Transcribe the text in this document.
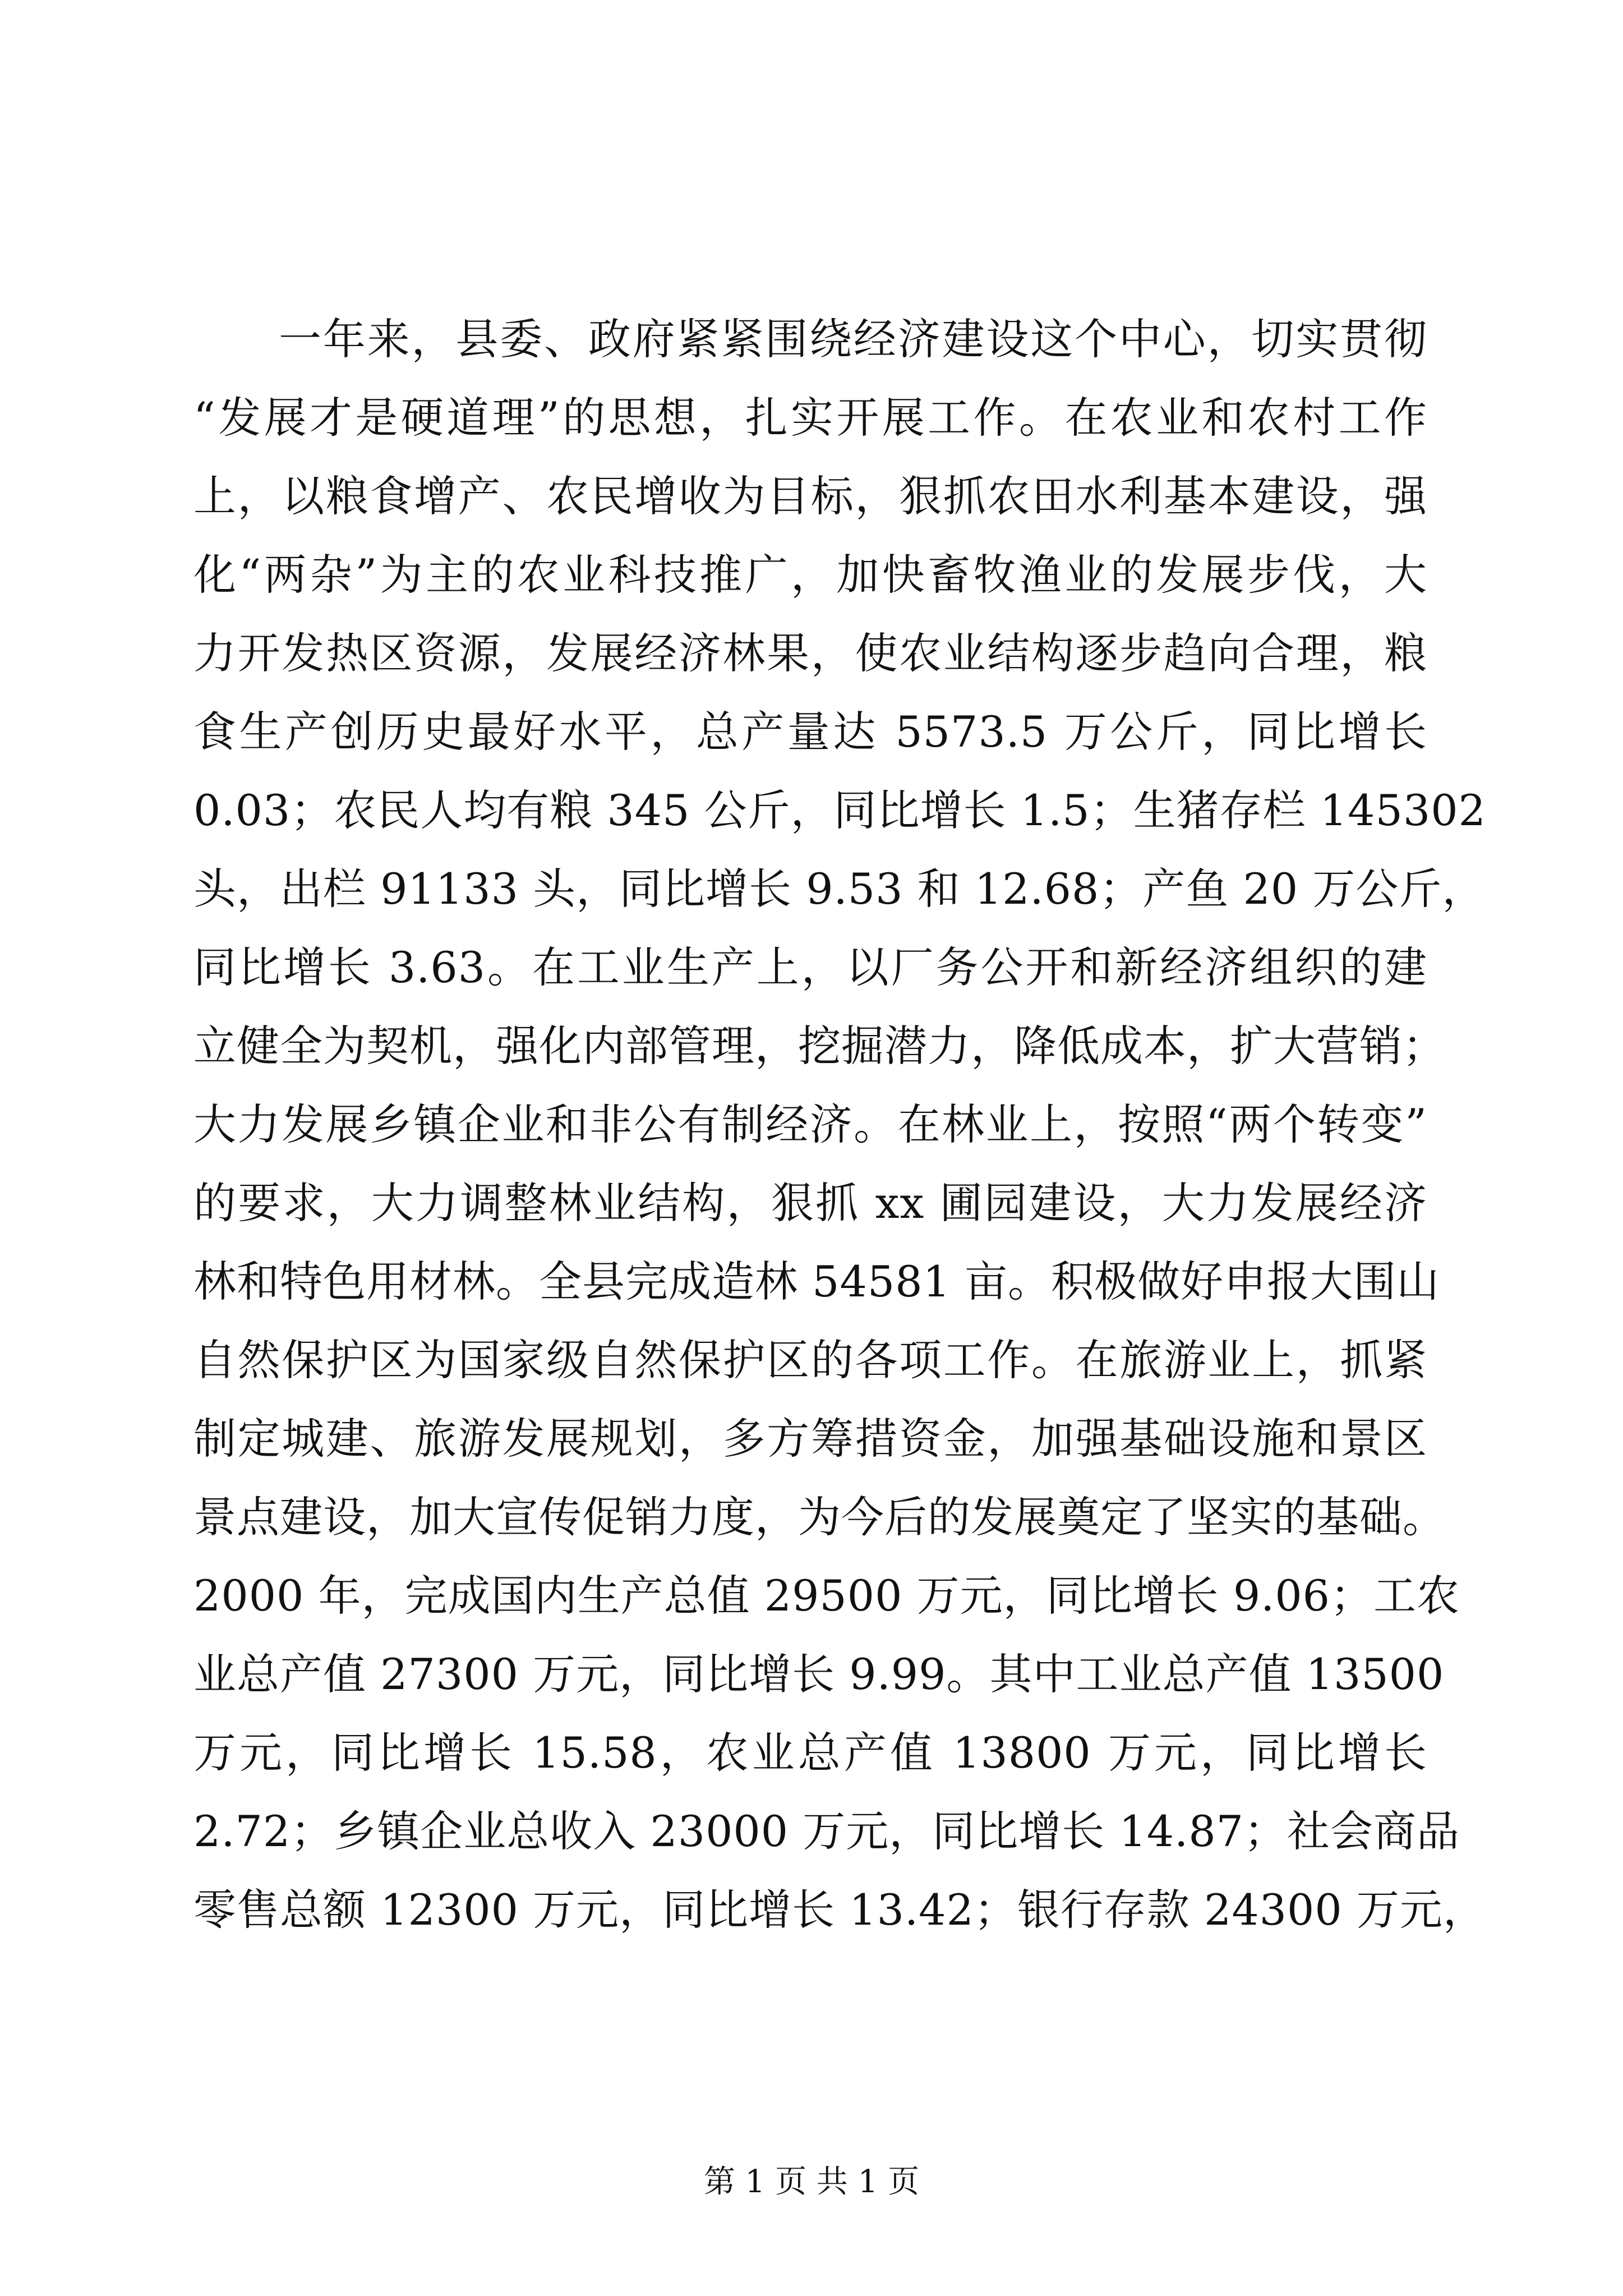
一年来，县委、政府紧紧围绕经济建设这个中心，切实贯彻
“发展才是硬道理”的思想，扎实开展工作。在农业和农村工作
上，以粮食增产、农民增收为目标，狠抓农田水利基本建设，强
化“两杂”为主的农业科技推广，加快畜牧渔业的发展步伐，大
力开发热区资源，发展经济林果，使农业结构逐步趋向合理，粮
食生产创历史最好水平，总产量达 5573.5 万公斤，同比增长
0.03；农民人均有粮 345 公斤，同比增长 1.5；生猪存栏 145302
头，出栏 91133 头，同比增长 9.53 和 12.68；产鱼 20 万公斤，
同比增长 3.63。在工业生产上，以厂务公开和新经济组织的建
立健全为契机，强化内部管理，挖掘潜力，降低成本，扩大营销；
大力发展乡镇企业和非公有制经济。在林业上，按照“两个转变”
的要求，大力调整林业结构，狠抓 xx 圃园建设，大力发展经济
林和特色用材林。全县完成造林 54581 亩。积极做好申报大围山
自然保护区为国家级自然保护区的各项工作。在旅游业上，抓紧
制定城建、旅游发展规划，多方筹措资金，加强基础设施和景区
景点建设，加大宣传促销力度，为今后的发展奠定了坚实的基础。
2000 年，完成国内生产总值 29500 万元，同比增长 9.06；工农
业总产值 27300 万元，同比增长 9.99。其中工业总产值 13500
万元，同比增长 15.58，农业总产值 13800 万元，同比增长
2.72；乡镇企业总收入 23000 万元，同比增长 14.87；社会商品
零售总额 12300 万元，同比增长 13.42；银行存款 24300 万元，
第 1 页 共 1 页
